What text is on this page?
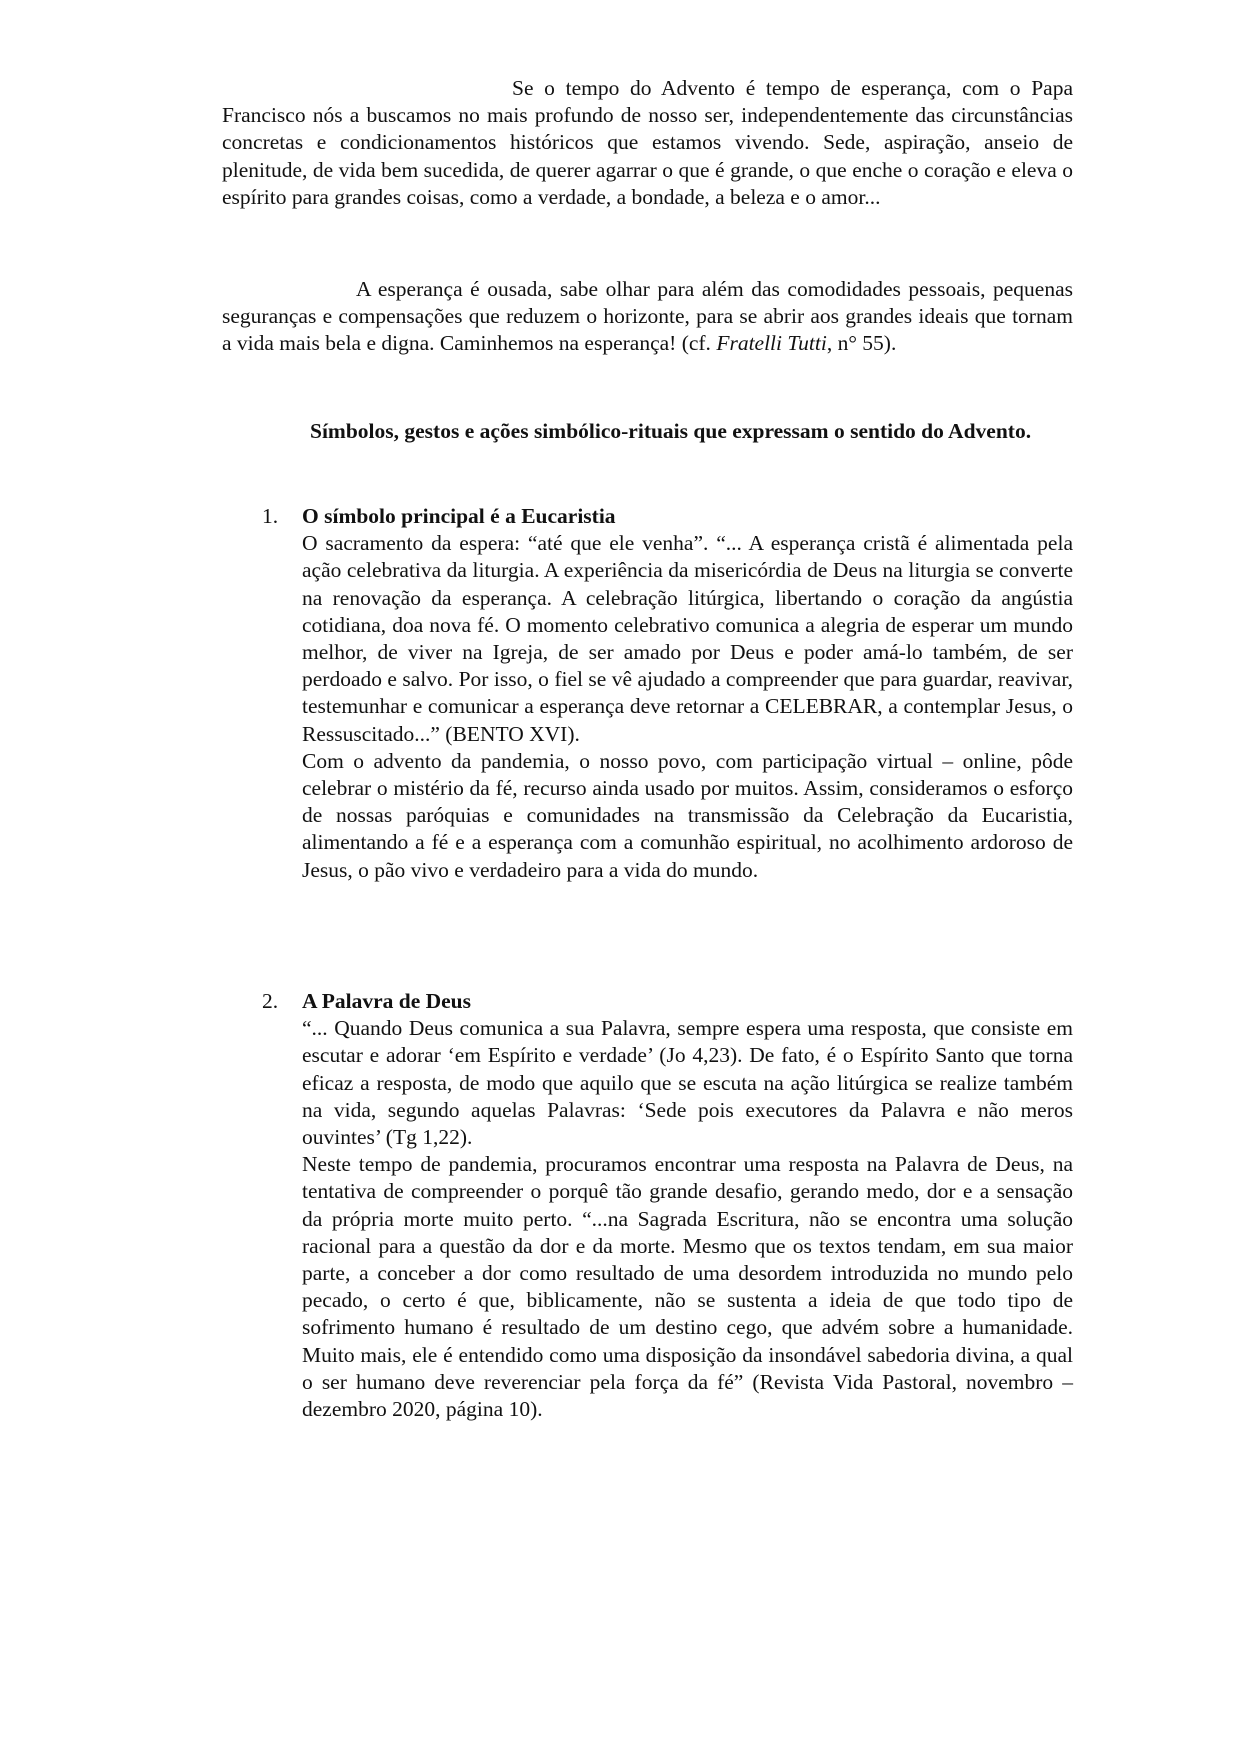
Se o tempo do Advento é tempo de esperança, com o Papa Francisco nós a buscamos no mais profundo de nosso ser, independentemente das circunstâncias concretas e condicionamentos históricos que estamos vivendo. Sede, aspiração, anseio de plenitude, de vida bem sucedida, de querer agarrar o que é grande, o que enche o coração e eleva o espírito para grandes coisas, como a verdade, a bondade, a beleza e o amor...

A esperança é ousada, sabe olhar para além das comodidades pessoais, pequenas seguranças e compensações que reduzem o horizonte, para se abrir aos grandes ideais que tornam a vida mais bela e digna. Caminhemos na esperança! (cf. Fratelli Tutti, n° 55).

Símbolos, gestos e ações simbólico-rituais que expressam o sentido do Advento.

1. O símbolo principal é a Eucaristia

O sacramento da espera: “até que ele venha”. “... A esperança cristã é alimentada pela ação celebrativa da liturgia. A experiência da misericórdia de Deus na liturgia se converte na renovação da esperança. A celebração litúrgica, libertando o coração da angústia cotidiana, doa nova fé. O momento celebrativo comunica a alegria de esperar um mundo melhor, de viver na Igreja, de ser amado por Deus e poder amá-lo também, de ser perdoado e salvo. Por isso, o fiel se vê ajudado a compreender que para guardar, reavivar, testemunhar e comunicar a esperança deve retornar a CELEBRAR, a contemplar Jesus, o Ressuscitado...” (BENTO XVI).

Com o advento da pandemia, o nosso povo, com participação virtual – online, pôde celebrar o mistério da fé, recurso ainda usado por muitos. Assim, consideramos o esforço de nossas paróquias e comunidades na transmissão da Celebração da Eucaristia, alimentando a fé e a esperança com a comunhão espiritual, no acolhimento ardoroso de Jesus, o pão vivo e verdadeiro para a vida do mundo.

2. A Palavra de Deus

“... Quando Deus comunica a sua Palavra, sempre espera uma resposta, que consiste em escutar e adorar ‘em Espírito e verdade’ (Jo 4,23). De fato, é o Espírito Santo que torna eficaz a resposta, de modo que aquilo que se escuta na ação litúrgica se realize também na vida, segundo aquelas Palavras: ‘Sede pois executores da Palavra e não meros ouvintes’ (Tg 1,22).

Neste tempo de pandemia, procuramos encontrar uma resposta na Palavra de Deus, na tentativa de compreender o porquê tão grande desafio, gerando medo, dor e a sensação da própria morte muito perto. “...na Sagrada Escritura, não se encontra uma solução racional para a questão da dor e da morte. Mesmo que os textos tendam, em sua maior parte, a conceber a dor como resultado de uma desordem introduzida no mundo pelo pecado, o certo é que, biblicamente, não se sustenta a ideia de que todo tipo de sofrimento humano é resultado de um destino cego, que advém sobre a humanidade. Muito mais, ele é entendido como uma disposição da insondável sabedoria divina, a qual o ser humano deve reverenciar pela força da fé” (Revista Vida Pastoral, novembro – dezembro 2020, página 10).
